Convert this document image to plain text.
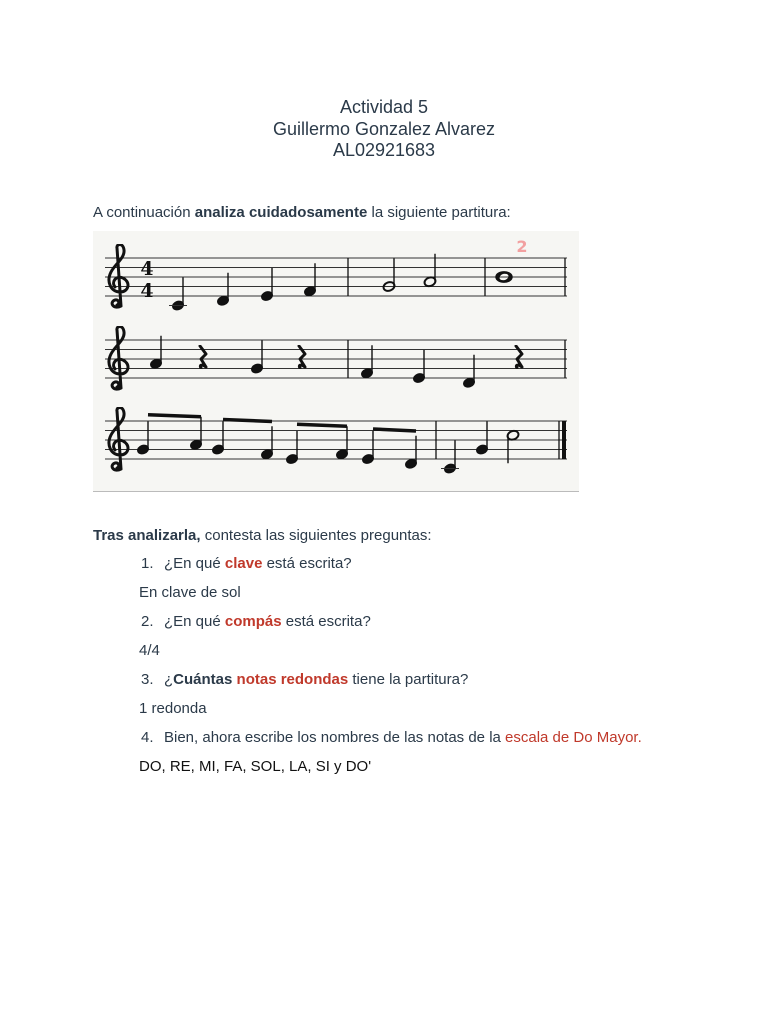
Actividad 5
Guillermo Gonzalez Alvarez
AL02921683
A continuación analiza cuidadosamente la siguiente partitura:
4
4
2
Tras analizarla, contesta las siguientes preguntas:
1. ¿En qué clave está escrita?
En clave de sol
2. ¿En qué compás está escrita?
4/4
3. ¿Cuántas notas redondas tiene la partitura?
1 redonda
4. Bien, ahora escribe los nombres de las notas de la escala de Do Mayor.
DO, RE, MI, FA, SOL, LA, SI y DO'
